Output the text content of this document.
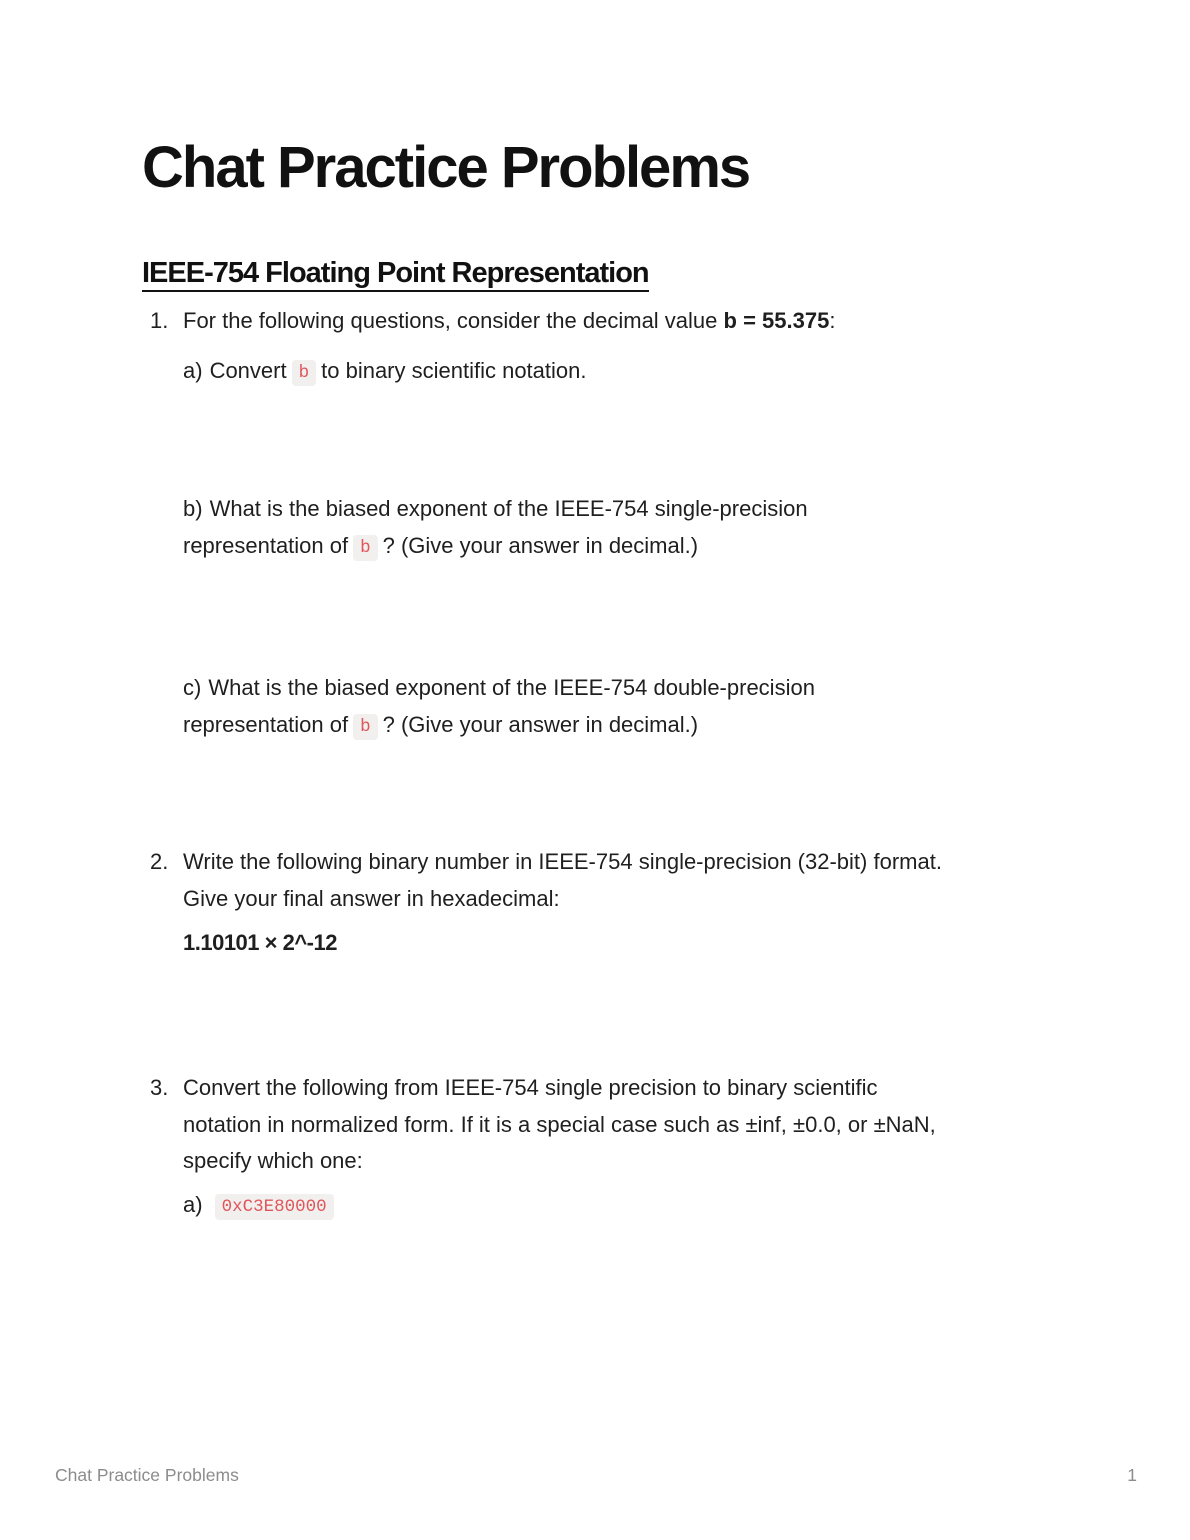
Chat Practice Problems
IEEE-754 Floating Point Representation
1. For the following questions, consider the decimal value b = 55.375:
a) Convert b to binary scientific notation.
b) What is the biased exponent of the IEEE-754 single-precision
representation of b ? (Give your answer in decimal.)
c) What is the biased exponent of the IEEE-754 double-precision
representation of b ? (Give your answer in decimal.)
2. Write the following binary number in IEEE-754 single-precision (32-bit) format.
Give your final answer in hexadecimal:
1.10101 × 2^-12
3. Convert the following from IEEE-754 single precision to binary scientific
notation in normalized form. If it is a special case such as ±inf, ±0.0, or ±NaN,
specify which one:
a) 0xC3E80000
Chat Practice Problems	1
